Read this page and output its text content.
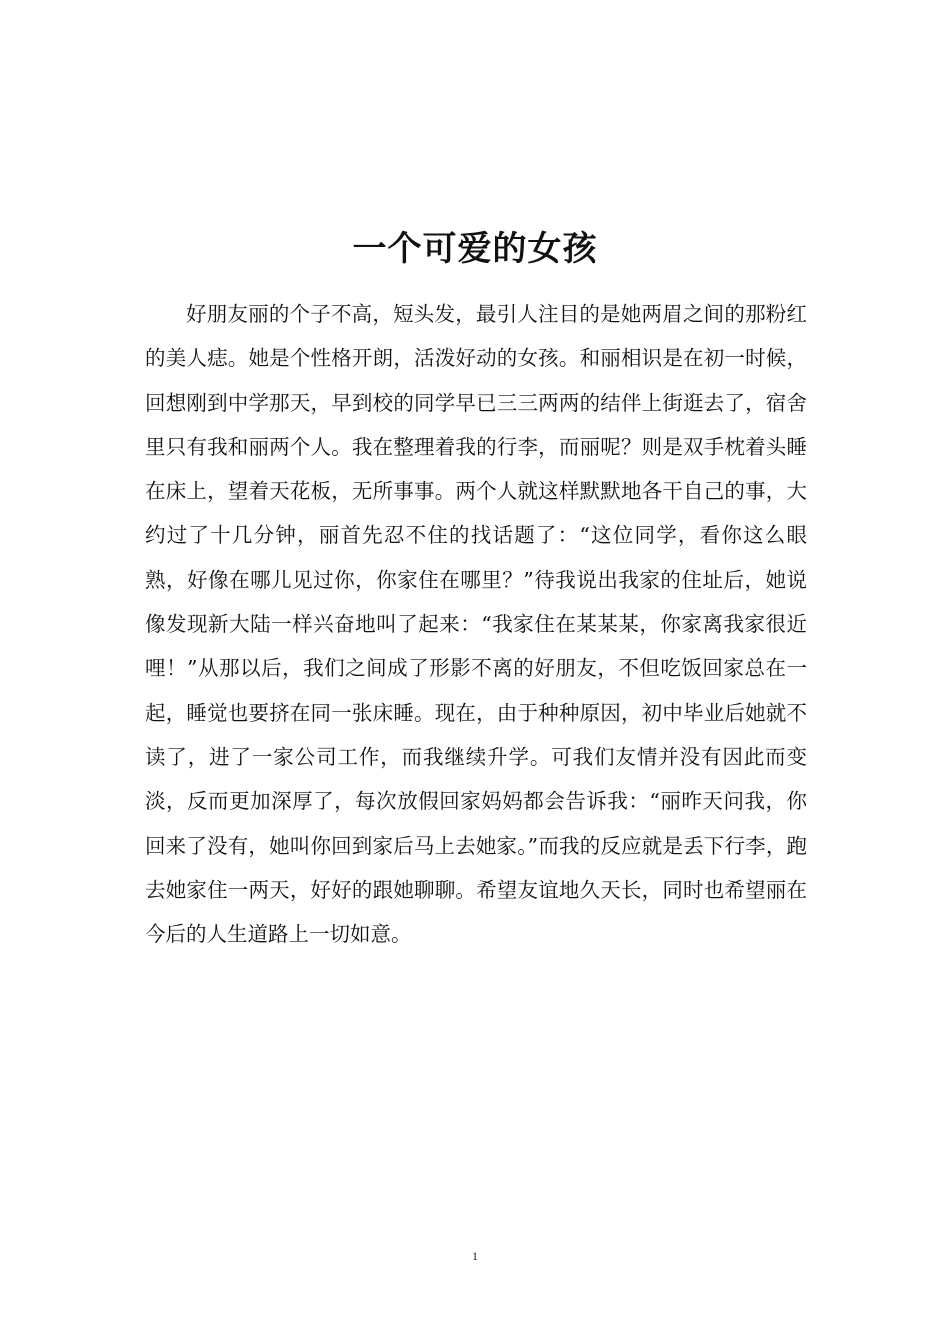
一个可爱的女孩

好朋友丽的个子不高，短头发，最引人注目的是她两眉之间的那粉红的美人痣。她是个性格开朗，活泼好动的女孩。和丽相识是在初一时候，回想刚到中学那天，早到校的同学早已三三两两的结伴上街逛去了，宿舍里只有我和丽两个人。我在整理着我的行李，而丽呢？则是双手枕着头睡在床上，望着天花板，无所事事。两个人就这样默默地各干自己的事，大约过了十几分钟，丽首先忍不住的找话题了：“这位同学，看你这么眼熟，好像在哪儿见过你，你家住在哪里？”待我说出我家的住址后，她说像发现新大陆一样兴奋地叫了起来：“我家住在某某某，你家离我家很近哩！”从那以后，我们之间成了形影不离的好朋友，不但吃饭回家总在一起，睡觉也要挤在同一张床睡。现在，由于种种原因，初中毕业后她就不读了，进了一家公司工作，而我继续升学。可我们友情并没有因此而变淡，反而更加深厚了，每次放假回家妈妈都会告诉我：“丽昨天问我，你回来了没有，她叫你回到家后马上去她家。”而我的反应就是丢下行李，跑去她家住一两天，好好的跟她聊聊。希望友谊地久天长，同时也希望丽在今后的人生道路上一切如意。

1
